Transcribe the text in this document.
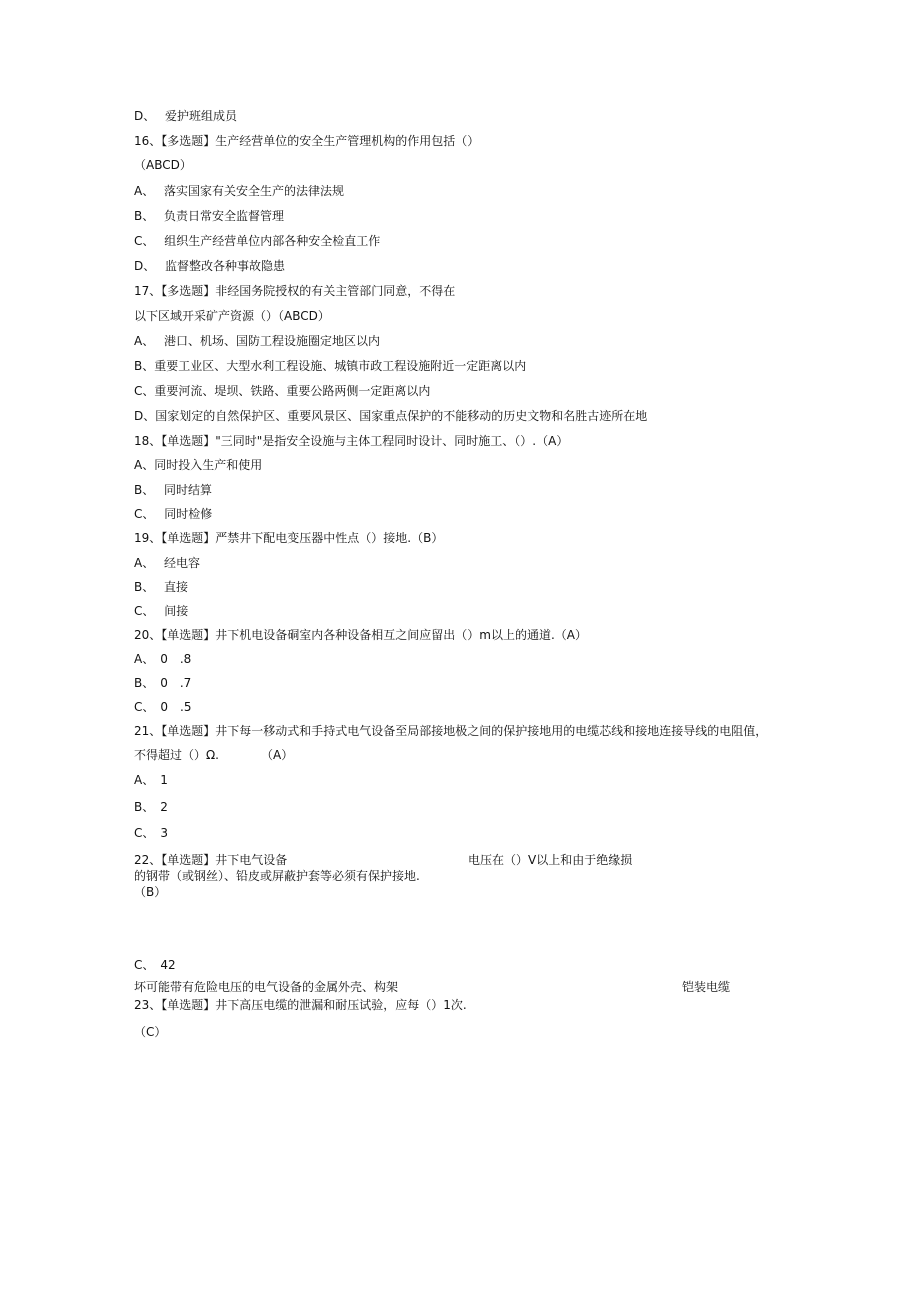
D、　 爱护班组成员
16、【多选题】生产经营单位的安全生产管理机构的作用包括（）
（ABCD）
A、　 落实国家有关安全生产的法律法规
B、　 负责日常安全监督管理
C、　 组织生产经营单位内部各种安全检直工作
D、　 监督整改各种事故隐患
17、【多选题】非经国务院授权的有关主管部门同意，不得在
以下区域开采矿产资源（）（ABCD）
A、　 港口、机场、国防工程设施圈定地区以内
B、重要工业区、大型水利工程设施、城镇市政工程设施附近一定距离以内
C、重要河流、堤坝、铁路、重要公路两侧一定距离以内
D、国家划定的自然保护区、重要风景区、国家重点保护的不能移动的历史文物和名胜古迹所在地
18、【单选题】"三同时"是指安全设施与主体工程同时设计、同时施工、（）.（A）
A、同时投入生产和使用
B、　 同时结算
C、　 同时检修
19、【单选题】严禁井下配电变压器中性点（）接地.（B）
A、　 经电容
B、　 直接
C、　 间接
20、【单选题】井下机电设备硐室内各种设备相互之间应留出（）m以上的通道.（A）
A、　0　.8
B、　0　.7
C、　0　.5
21、【单选题】井下每一移动式和手持式电气设备至局部接地极之间的保护接地用的电缆芯线和接地连接导线的电阻值，
不得超过（）Ω.　　　　（A）
A、　1
B、　2
C、　3
22、【单选题】井下电气设备	电压在（）V以上和由于绝缘损
的钢带（或钢丝）、铅皮或屏蔽护套等必须有保护接地.
（B）
C、　42
坏可能带有危险电压的电气设备的金属外壳、构架	铠装电缆
23、【单选题】井下高压电缆的泄漏和耐压试验，应每（）1次.
（C）
